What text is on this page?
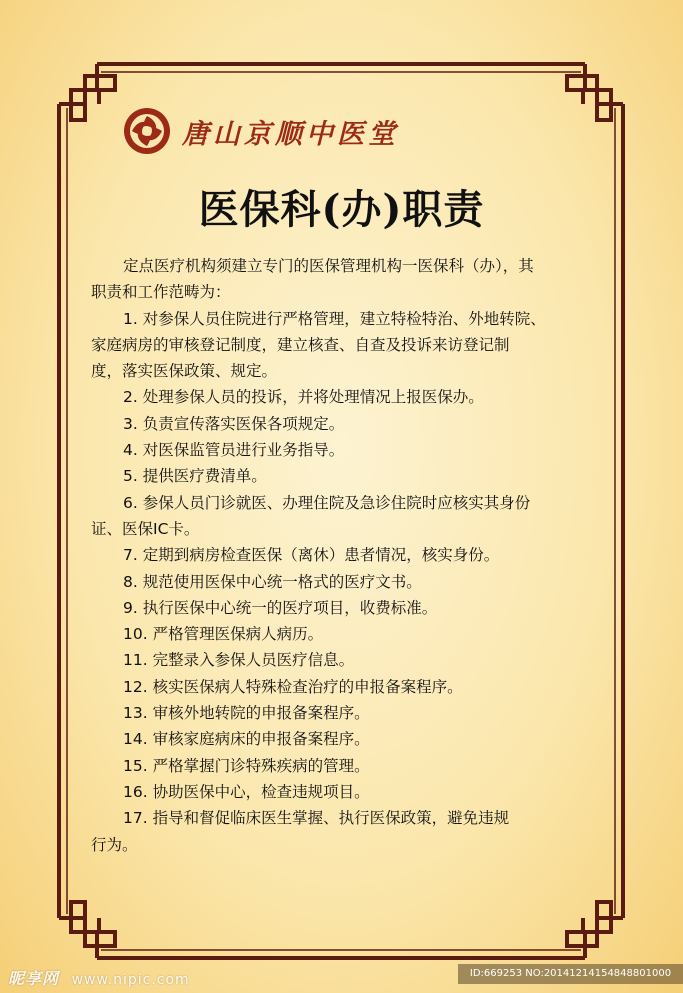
唐山京顺中医堂
医保科(办)职责

定点医疗机构须建立专门的医保管理机构一医保科（办），其

职责和工作范畴为：

1. 对参保人员住院进行严格管理，建立特检特治、外地转院、

家庭病房的审核登记制度，建立核查、自查及投诉来访登记制

度，落实医保政策、规定。

2. 处理参保人员的投诉，并将处理情况上报医保办。

3. 负责宣传落实医保各项规定。

4. 对医保监管员进行业务指导。

5. 提供医疗费清单。

6. 参保人员门诊就医、办理住院及急诊住院时应核实其身份

证、医保IC卡。

7. 定期到病房检查医保（离休）患者情况，核实身份。

8. 规范使用医保中心统一格式的医疗文书。

9. 执行医保中心统一的医疗项目，收费标准。

10. 严格管理医保病人病历。

11. 完整录入参保人员医疗信息。

12. 核实医保病人特殊检查治疗的申报备案程序。

13. 审核外地转院的申报备案程序。

14. 审核家庭病床的申报备案程序。

15. 严格掌握门诊特殊疾病的管理。

16. 协助医保中心，检查违规项目。

17. 指导和督促临床医生掌握、执行医保政策，避免违规

行为。

昵享网 www.nipic.com	ID:669253 NO:20141214154848801000
